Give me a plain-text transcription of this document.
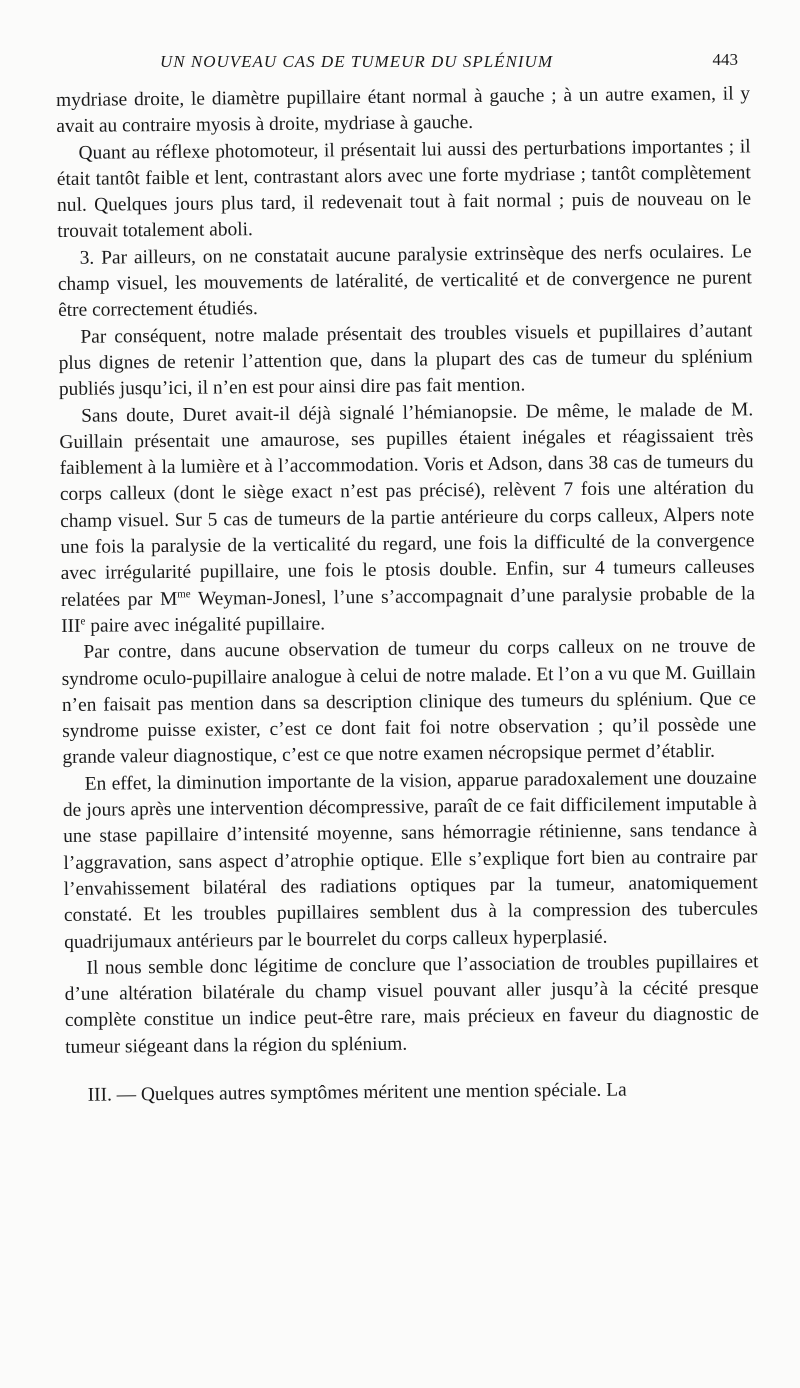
UN NOUVEAU CAS DE TUMEUR DU SPLÉNIUM	443

mydriase droite, le diamètre pupillaire étant normal à gauche ; à un autre examen, il y avait au contraire myosis à droite, mydriase à gauche.

Quant au réflexe photomoteur, il présentait lui aussi des perturbations importantes ; il était tantôt faible et lent, contrastant alors avec une forte mydriase ; tantôt complètement nul. Quelques jours plus tard, il redevenait tout à fait normal ; puis de nouveau on le trouvait totalement aboli.

3. Par ailleurs, on ne constatait aucune paralysie extrinsèque des nerfs oculaires. Le champ visuel, les mouvements de latéralité, de verticalité et de convergence ne purent être correctement étudiés.

Par conséquent, notre malade présentait des troubles visuels et pupillaires d’autant plus dignes de retenir l’attention que, dans la plupart des cas de tumeur du splénium publiés jusqu’ici, il n’en est pour ainsi dire pas fait mention.

Sans doute, Duret avait-il déjà signalé l’hémianopsie. De même, le malade de M. Guillain présentait une amaurose, ses pupilles étaient inégales et réagissaient très faiblement à la lumière et à l’accommodation. Voris et Adson, dans 38 cas de tumeurs du corps calleux (dont le siège exact n’est pas précisé), relèvent 7 fois une altération du champ visuel. Sur 5 cas de tumeurs de la partie antérieure du corps calleux, Alpers note une fois la paralysie de la verticalité du regard, une fois la difficulté de la convergence avec irrégularité pupillaire, une fois le ptosis double. Enfin, sur 4 tumeurs calleuses relatées par $M^{me}$ Weyman-Jonesl, l’une s’accompagnait d’une paralysie probable de la IIIe paire avec inégalité pupillaire.

Par contre, dans aucune observation de tumeur du corps calleux on ne trouve de syndrome oculo-pupillaire analogue à celui de notre malade. Et l’on a vu que M. Guillain n’en faisait pas mention dans sa description clinique des tumeurs du splénium. Que ce syndrome puisse exister, c’est ce dont fait foi notre observation ; qu’il possède une grande valeur diagnostique, c’est ce que notre examen nécropsique permet d’établir.

En effet, la diminution importante de la vision, apparue paradoxalement une douzaine de jours après une intervention décompressive, paraît de ce fait difficilement imputable à une stase papillaire d’intensité moyenne, sans hémorragie rétinienne, sans tendance à l’aggravation, sans aspect d’atrophie optique. Elle s’explique fort bien au contraire par l’envahissement bilatéral des radiations optiques par la tumeur, anatomiquement constaté. Et les troubles pupillaires semblent dus à la compression des tubercules quadrijumaux antérieurs par le bourrelet du corps calleux hyperplasié.

Il nous semble donc légitime de conclure que l’association de troubles pupillaires et d’une altération bilatérale du champ visuel pouvant aller jusqu’à la cécité presque complète constitue un indice peut-être rare, mais précieux en faveur du diagnostic de tumeur siégeant dans la région du splénium.

III. — Quelques autres symptômes méritent une mention spéciale. La
